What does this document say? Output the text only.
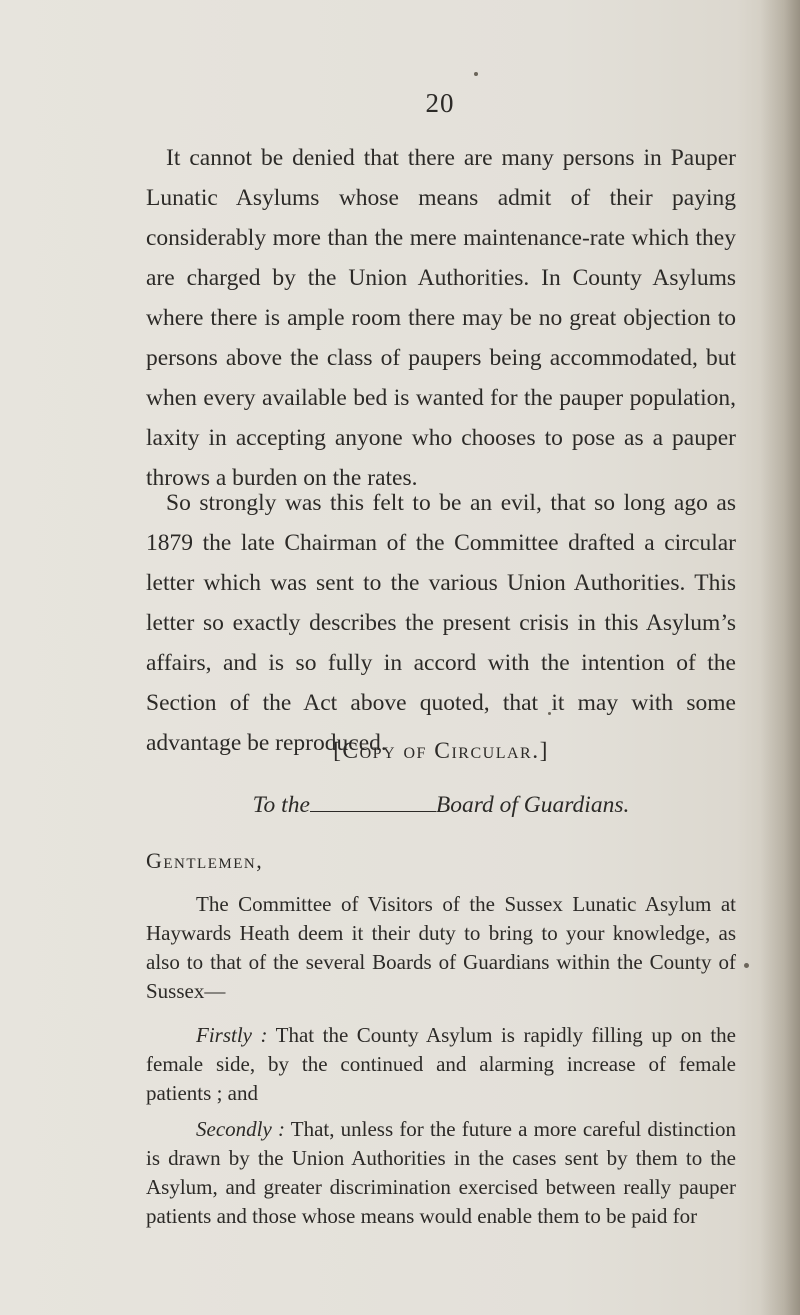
20

It cannot be denied that there are many persons in Pauper Lunatic Asylums whose means admit of their paying considerably more than the mere maintenance-rate which they are charged by the Union Authorities. In County Asylums where there is ample room there may be no great objection to persons above the class of paupers being accommodated, but when every available bed is wanted for the pauper population, laxity in accepting anyone who chooses to pose as a pauper throws a burden on the rates.

So strongly was this felt to be an evil, that so long ago as 1879 the late Chairman of the Committee drafted a circular letter which was sent to the various Union Authorities. This letter so exactly describes the present crisis in this Asylum’s affairs, and is so fully in accord with the intention of the Section of the Act above quoted, that it may with some advantage be reproduced.

[Copy of Circular.]
To the	Board of Guardians.
Gentlemen,

The Committee of Visitors of the Sussex Lunatic Asylum at Haywards Heath deem it their duty to bring to your knowledge, as also to that of the several Boards of Guardians within the County of Sussex—

Firstly : That the County Asylum is rapidly filling up on the female side, by the continued and alarming increase of female patients ; and

Secondly : That, unless for the future a more careful distinction is drawn by the Union Authorities in the cases sent by them to the Asylum, and greater discrimination exercised between really pauper patients and those whose means would enable them to be paid for
